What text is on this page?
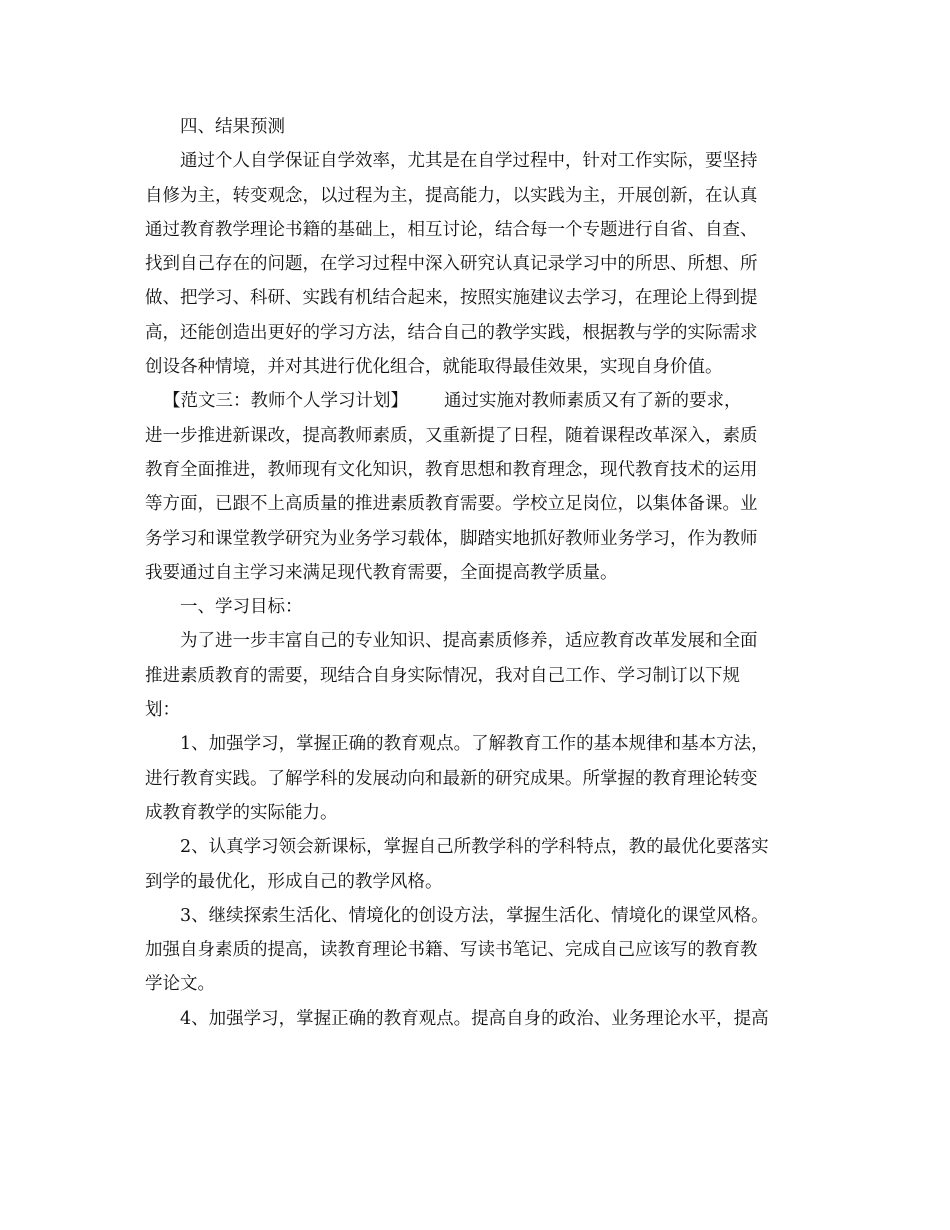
四、结果预测
通过个人自学保证自学效率，尤其是在自学过程中，针对工作实际，要坚持
自修为主，转变观念，以过程为主，提高能力，以实践为主，开展创新，在认真
通过教育教学理论书籍的基础上，相互讨论，结合每一个专题进行自省、自查、
找到自己存在的问题，在学习过程中深入研究认真记录学习中的所思、所想、所
做、把学习、科研、实践有机结合起来，按照实施建议去学习，在理论上得到提
高，还能创造出更好的学习方法，结合自己的教学实践，根据教与学的实际需求
创设各种情境，并对其进行优化组合，就能取得最佳效果，实现自身价值。
【范文三：教师个人学习计划】 通过实施对教师素质又有了新的要求，
进一步推进新课改，提高教师素质，又重新提了日程，随着课程改革深入，素质
教育全面推进，教师现有文化知识，教育思想和教育理念，现代教育技术的运用
等方面，已跟不上高质量的推进素质教育需要。学校立足岗位，以集体备课。业
务学习和课堂教学研究为业务学习载体，脚踏实地抓好教师业务学习，作为教师
我要通过自主学习来满足现代教育需要，全面提高教学质量。
一、学习目标：
为了进一步丰富自己的专业知识、提高素质修养，适应教育改革发展和全面
推进素质教育的需要，现结合自身实际情况，我对自己工作、学习制订以下规
划：
1、加强学习，掌握正确的教育观点。了解教育工作的基本规律和基本方法，
进行教育实践。了解学科的发展动向和最新的研究成果。所掌握的教育理论转变
成教育教学的实际能力。
2、认真学习领会新课标，掌握自己所教学科的学科特点，教的最优化要落实
到学的最优化，形成自己的教学风格。
3、继续探索生活化、情境化的创设方法，掌握生活化、情境化的课堂风格。
加强自身素质的提高，读教育理论书籍、写读书笔记、完成自己应该写的教育教
学论文。
4、加强学习，掌握正确的教育观点。提高自身的政治、业务理论水平，提高
